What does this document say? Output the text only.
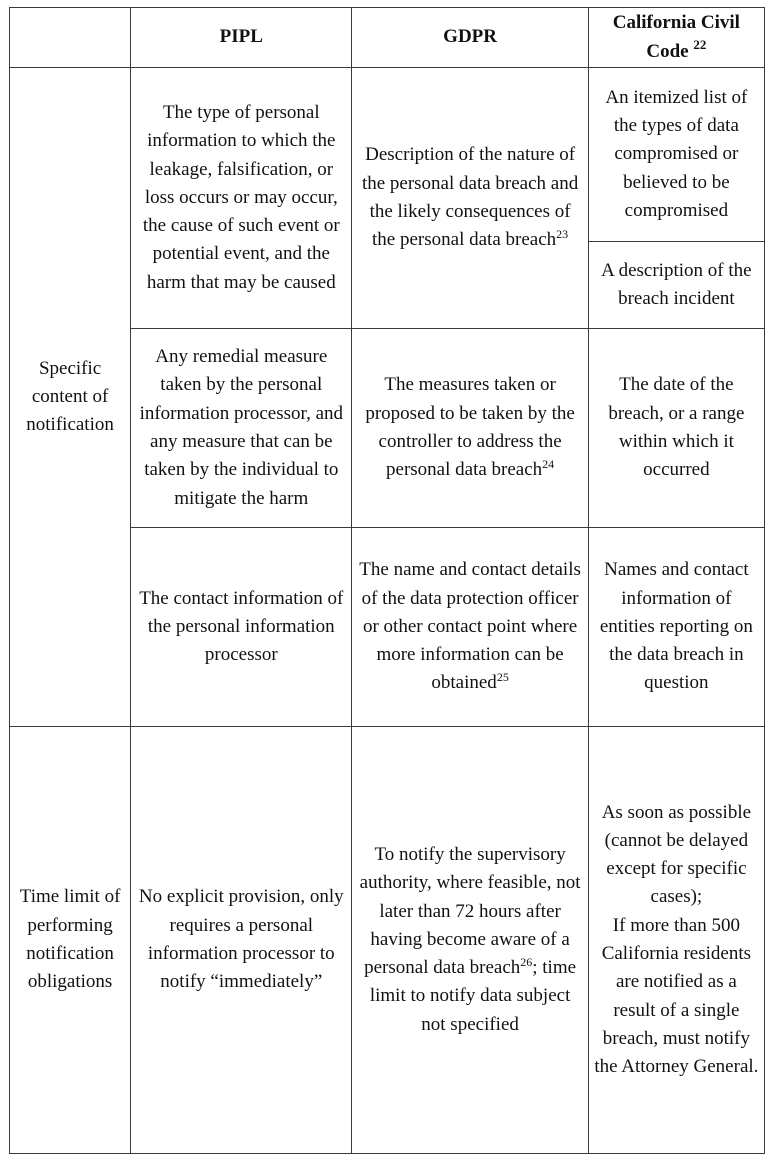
	PIPL	GDPR	California Civil Code $^{22}$
Specific content of notification	The type of personal information to which the leakage, falsification, or loss occurs or may occur, the cause of such event or potential event, and the harm that may be caused	Description of the nature of the personal data breach and the likely consequences of the personal data breach$^{23}$	An itemized list of the types of data compromised or believed to be compromised
			A description of the breach incident
	Any remedial measure taken by the personal information processor, and any measure that can be taken by the individual to mitigate the harm	The measures taken or proposed to be taken by the controller to address the personal data breach$^{24}$	The date of the breach, or a range within which it occurred
	The contact information of the personal information processor	The name and contact details of the data protection officer or other contact point where more information can be obtained$^{25}$	Names and contact information of entities reporting on the data breach in question
Time limit of performing notification obligations	No explicit provision, only requires a personal information processor to notify “immediately”	To notify the supervisory authority, where feasible, not later than 72 hours after having become aware of a personal data breach$^{26}$; time limit to notify data subject not specified	As soon as possible (cannot be delayed except for specific cases);
If more than 500 California residents are notified as a result of a single breach, must notify the Attorney General.
